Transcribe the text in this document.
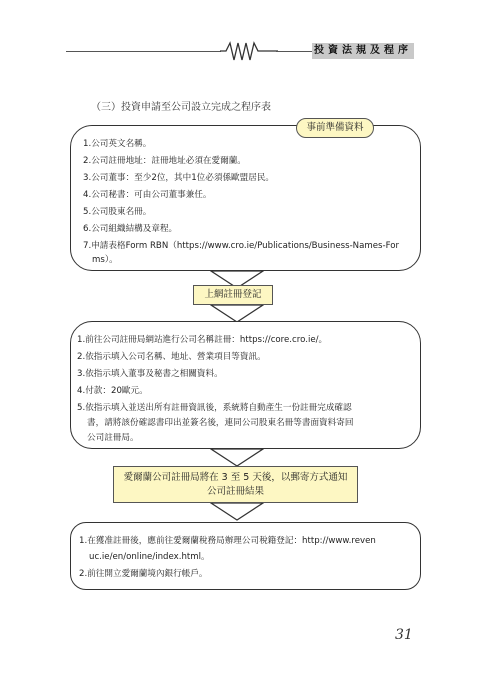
投資法規及程序
（三）投資申請至公司設立完成之程序表
事前準備資料
1.公司英文名稱。
2.公司註冊地址：註冊地址必須在愛爾蘭。
3.公司董事：至少2位，其中1位必須係歐盟居民。
4.公司秘書：可由公司董事兼任。
5.公司股東名冊。
6.公司組織結構及章程。
7.申請表格Form RBN（https://www.cro.ie/Publications/Business-Names-For
ms）。
上網註冊登記
1.前往公司註冊局網站進行公司名稱註冊：https://core.cro.ie/。
2.依指示填入公司名稱、地址、營業項目等資訊。
3.依指示填入董事及秘書之相關資料。
4.付款：20歐元。
5.依指示填入並送出所有註冊資訊後，系統將自動產生一份註冊完成確認
書，請將該份確認書印出並簽名後，連同公司股東名冊等書面資料寄回
公司註冊局。
愛爾蘭公司註冊局將在 3 至 5 天後，以郵寄方式通知
公司註冊結果
1.在獲准註冊後，應前往愛爾蘭稅務局辦理公司稅籍登記：http://www.reven
uc.ie/en/online/index.html。
2.前往開立愛爾蘭境內銀行帳戶。
31
